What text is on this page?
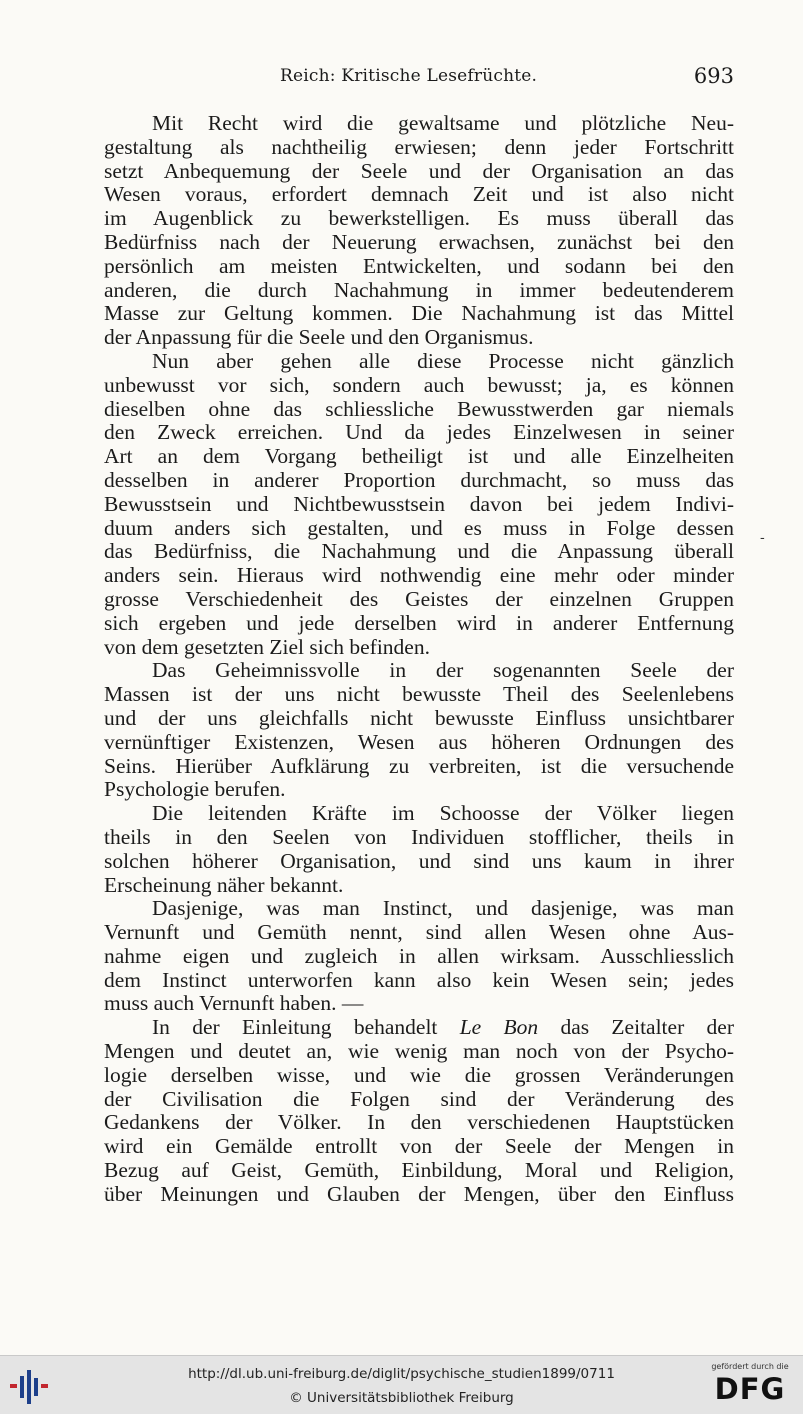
Reich: Kritische Lesefrüchte.	693
Mit Recht wird die gewaltsame und plötzliche Neu-
gestaltung als nachtheilig erwiesen; denn jeder Fortschritt
setzt Anbequemung der Seele und der Organisation an das
Wesen voraus, erfordert demnach Zeit und ist also nicht
im Augenblick zu bewerkstelligen. Es muss überall das
Bedürfniss nach der Neuerung erwachsen, zunächst bei den
persönlich am meisten Entwickelten, und sodann bei den
anderen, die durch Nachahmung in immer bedeutenderem
Masse zur Geltung kommen. Die Nachahmung ist das Mittel
der Anpassung für die Seele und den Organismus.
Nun aber gehen alle diese Processe nicht gänzlich
unbewusst vor sich, sondern auch bewusst; ja, es können
dieselben ohne das schliessliche Bewusstwerden gar niemals
den Zweck erreichen. Und da jedes Einzelwesen in seiner
Art an dem Vorgang betheiligt ist und alle Einzelheiten
desselben in anderer Proportion durchmacht, so muss das
Bewusstsein und Nichtbewusstsein davon bei jedem Indivi-
duum anders sich gestalten, und es muss in Folge dessen
das Bedürfniss, die Nachahmung und die Anpassung überall
anders sein. Hieraus wird nothwendig eine mehr oder minder
grosse Verschiedenheit des Geistes der einzelnen Gruppen
sich ergeben und jede derselben wird in anderer Entfernung
von dem gesetzten Ziel sich befinden.
Das Geheimnissvolle in der sogenannten Seele der
Massen ist der uns nicht bewusste Theil des Seelenlebens
und der uns gleichfalls nicht bewusste Einfluss unsichtbarer
vernünftiger Existenzen, Wesen aus höheren Ordnungen des
Seins. Hierüber Aufklärung zu verbreiten, ist die versuchende
Psychologie berufen.
Die leitenden Kräfte im Schoosse der Völker liegen
theils in den Seelen von Individuen stofflicher, theils in
solchen höherer Organisation, und sind uns kaum in ihrer
Erscheinung näher bekannt.
Dasjenige, was man Instinct, und dasjenige, was man
Vernunft und Gemüth nennt, sind allen Wesen ohne Aus-
nahme eigen und zugleich in allen wirksam. Ausschliesslich
dem Instinct unterworfen kann also kein Wesen sein; jedes
muss auch Vernunft haben. —
In der Einleitung behandelt Le Bon das Zeitalter der
Mengen und deutet an, wie wenig man noch von der Psycho-
logie derselben wisse, und wie die grossen Veränderungen
der Civilisation die Folgen sind der Veränderung des
Gedankens der Völker. In den verschiedenen Hauptstücken
wird ein Gemälde entrollt von der Seele der Mengen in
Bezug auf Geist, Gemüth, Einbildung, Moral und Religion,
über Meinungen und Glauben der Mengen, über den Einfluss
-
http://dl.ub.uni-freiburg.de/diglit/psychische_studien1899/0711
© Universitätsbibliothek Freiburg
gefördert durch die
DFG
